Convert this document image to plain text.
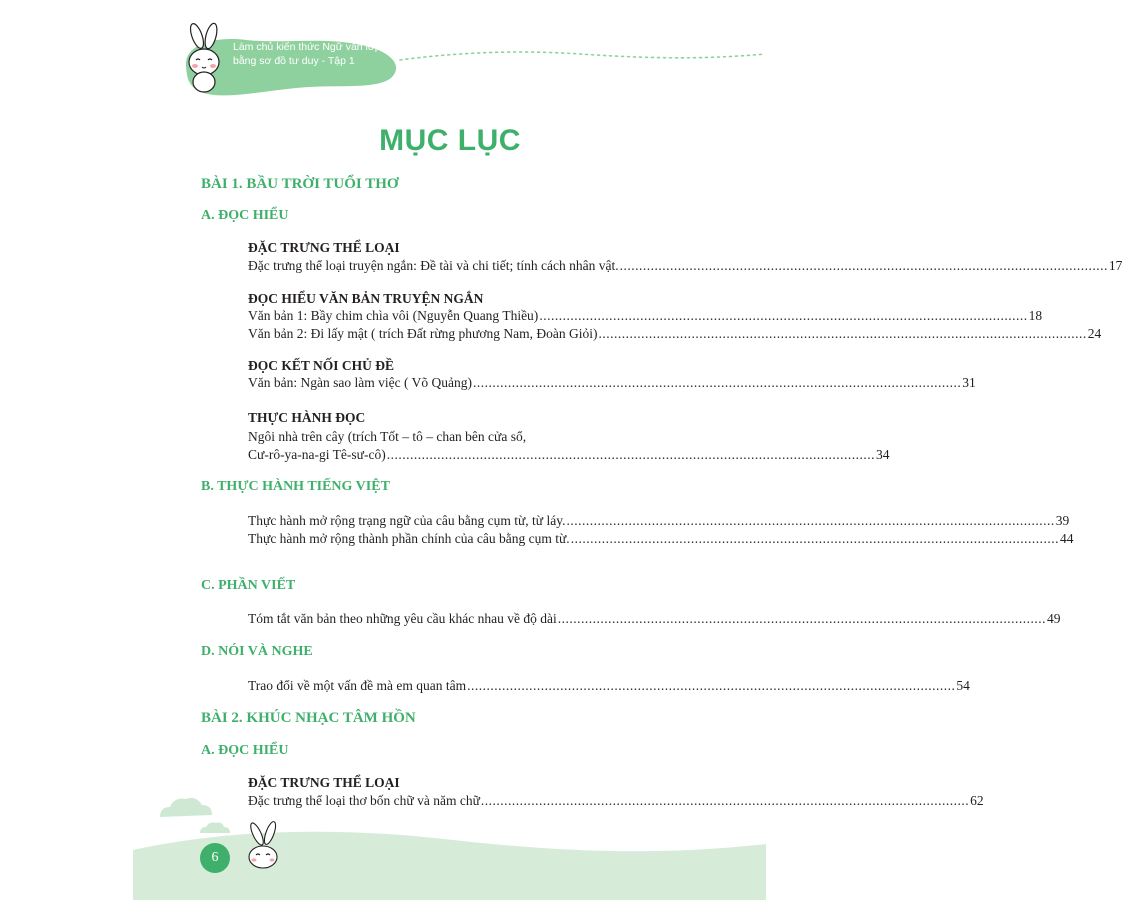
Làm chủ kiến thức Ngữ văn lớp 7
bằng sơ đồ tư duy - Tập 1
MỤC LỤC
BÀI 1. BẦU TRỜI TUỔI THƠ
A. ĐỌC HIỂU
ĐẶC TRƯNG THỂ LOẠI
Đặc trưng thể loại truyện ngắn: Đề tài và chi tiết; tính cách nhân vật. .............................................................................................................................. 17
ĐỌC HIỂU VĂN BẢN TRUYỆN NGẮN
Văn bản 1: Bầy chim chìa vôi (Nguyễn Quang Thiều) .............................................................................................................................. 18
Văn bản 2: Đi lấy mật ( trích Đất rừng phương Nam, Đoàn Giỏi) .............................................................................................................................. 24
ĐỌC KẾT NỐI CHỦ ĐỀ
Văn bản: Ngàn sao làm việc ( Võ Quảng) .............................................................................................................................. 31
THỰC HÀNH ĐỌC
Ngôi nhà trên cây (trích Tốt – tô – chan bên cửa sổ,
Cư-rô-ya-na-gi Tê-sư-cô) .............................................................................................................................. 34
B. THỰC HÀNH TIẾNG VIỆT
Thực hành mở rộng trạng ngữ của câu bằng cụm từ, từ láy. .............................................................................................................................. 39
Thực hành mở rộng thành phần chính của câu bằng cụm từ. .............................................................................................................................. 44
C. PHẦN VIẾT
Tóm tắt văn bản theo những yêu cầu khác nhau về độ dài .............................................................................................................................. 49
D. NÓI VÀ NGHE
Trao đổi về một vấn đề mà em quan tâm .............................................................................................................................. 54
BÀI 2. KHÚC NHẠC TÂM HỒN
A. ĐỌC HIỂU
ĐẶC TRƯNG THỂ LOẠI
Đặc trưng thể loại thơ bốn chữ và năm chữ .............................................................................................................................. 62
6
